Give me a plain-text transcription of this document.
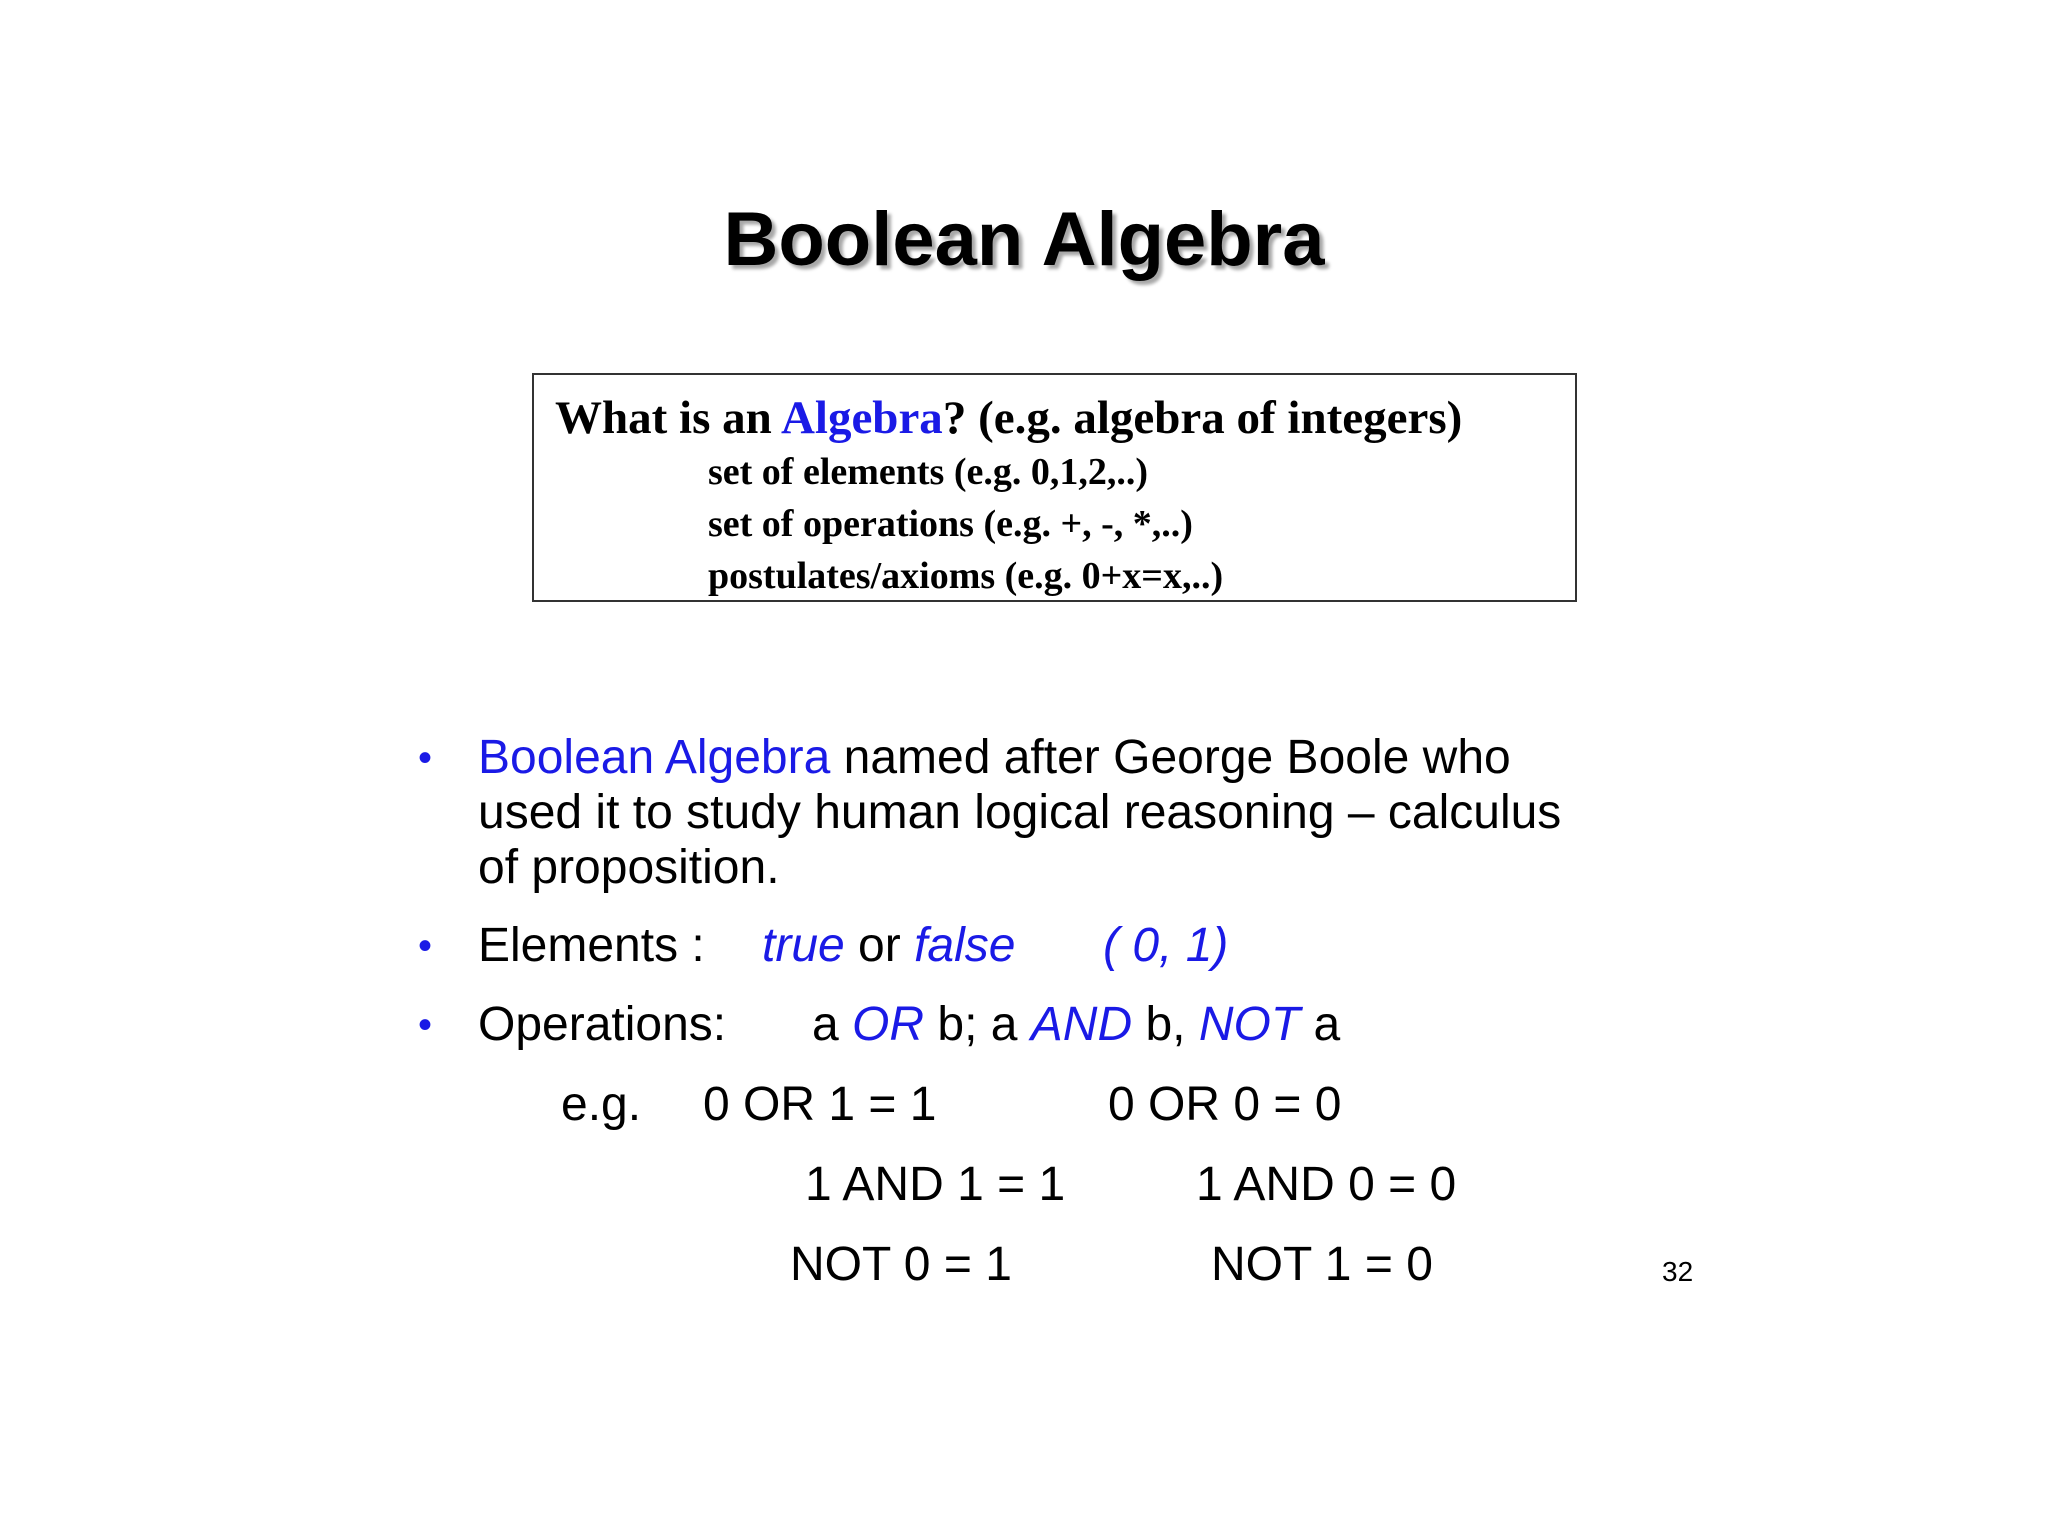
Boolean Algebra
What is an Algebra? (e.g. algebra of integers)
set of elements (e.g. 0,1,2,..)
set of operations (e.g. +, -, *,..)
postulates/axioms (e.g. 0+x=x,..)
• Boolean Algebra named after George Boole who
used it to study human logical reasoning – calculus
of proposition.
• Elements : true or false ( 0, 1)
• Operations: a OR b; a AND b, NOT a
e.g. 0 OR 1 = 1	0 OR 0 = 0
1 AND 1 = 1	1 AND 0 = 0
NOT 0 = 1	NOT 1 = 0	32
